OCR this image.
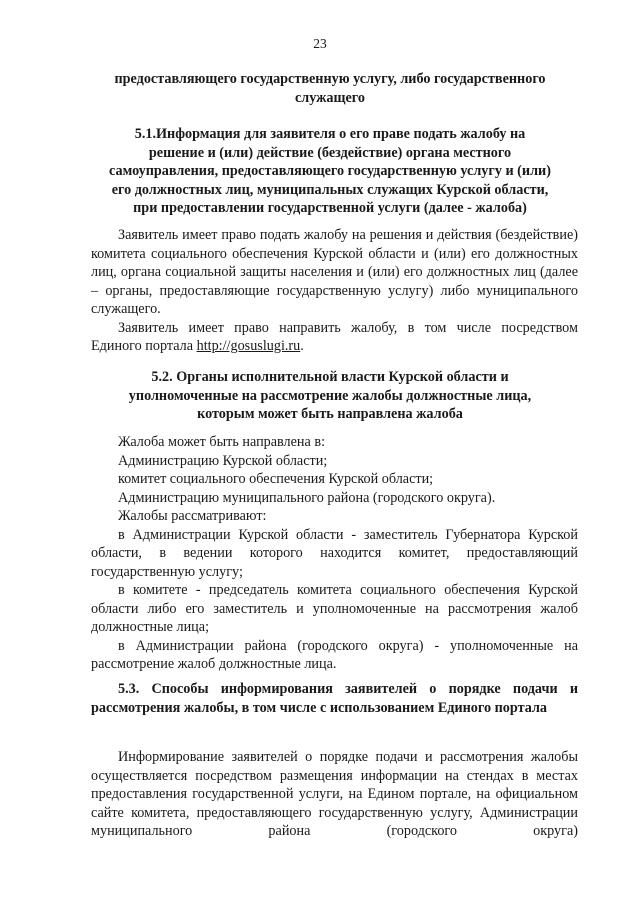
23
предоставляющего государственную услугу, либо государственного
служащего
5.1.Информация для заявителя о его праве подать жалобу на
решение и (или) действие (бездействие) органа местного
самоуправления, предоставляющего государственную услугу и (или)
его должностных лиц, муниципальных служащих Курской области,
при предоставлении государственной услуги (далее - жалоба)

Заявитель имеет право подать жалобу на решения и действия (бездействие) комитета социального обеспечения Курской области и (или) его должностных лиц, органа социальной защиты населения и (или) его должностных лиц (далее – органы, предоставляющие государственную услугу) либо муниципального служащего.

Заявитель имеет право направить жалобу, в том числе посредством Единого портала http://gosuslugi.ru.

5.2. Органы исполнительной власти Курской области и
уполномоченные на рассмотрение жалобы должностные лица,
которым может быть направлена жалоба

Жалоба может быть направлена в:

Администрацию Курской области;

комитет социального обеспечения Курской области;

Администрацию муниципального района (городского округа).

Жалобы рассматривают:

в Администрации Курской области - заместитель Губернатора Курской области, в ведении которого находится комитет, предоставляющий государственную услугу;

в комитете - председатель комитета социального обеспечения Курской области либо его заместитель и уполномоченные на рассмотрения жалоб должностные лица;

в Администрации района (городского округа) - уполномоченные на рассмотрение жалоб должностные лица.

5.3. Способы информирования заявителей о порядке подачи и рассмотрения жалобы, в том числе с использованием Единого портала

Информирование заявителей о порядке подачи и рассмотрения жалобы осуществляется посредством размещения информации на стендах в местах предоставления государственной услуги, на Едином портале, на официальном сайте комитета, предоставляющего государственную услугу, Администрации муниципального района (городского округа)
